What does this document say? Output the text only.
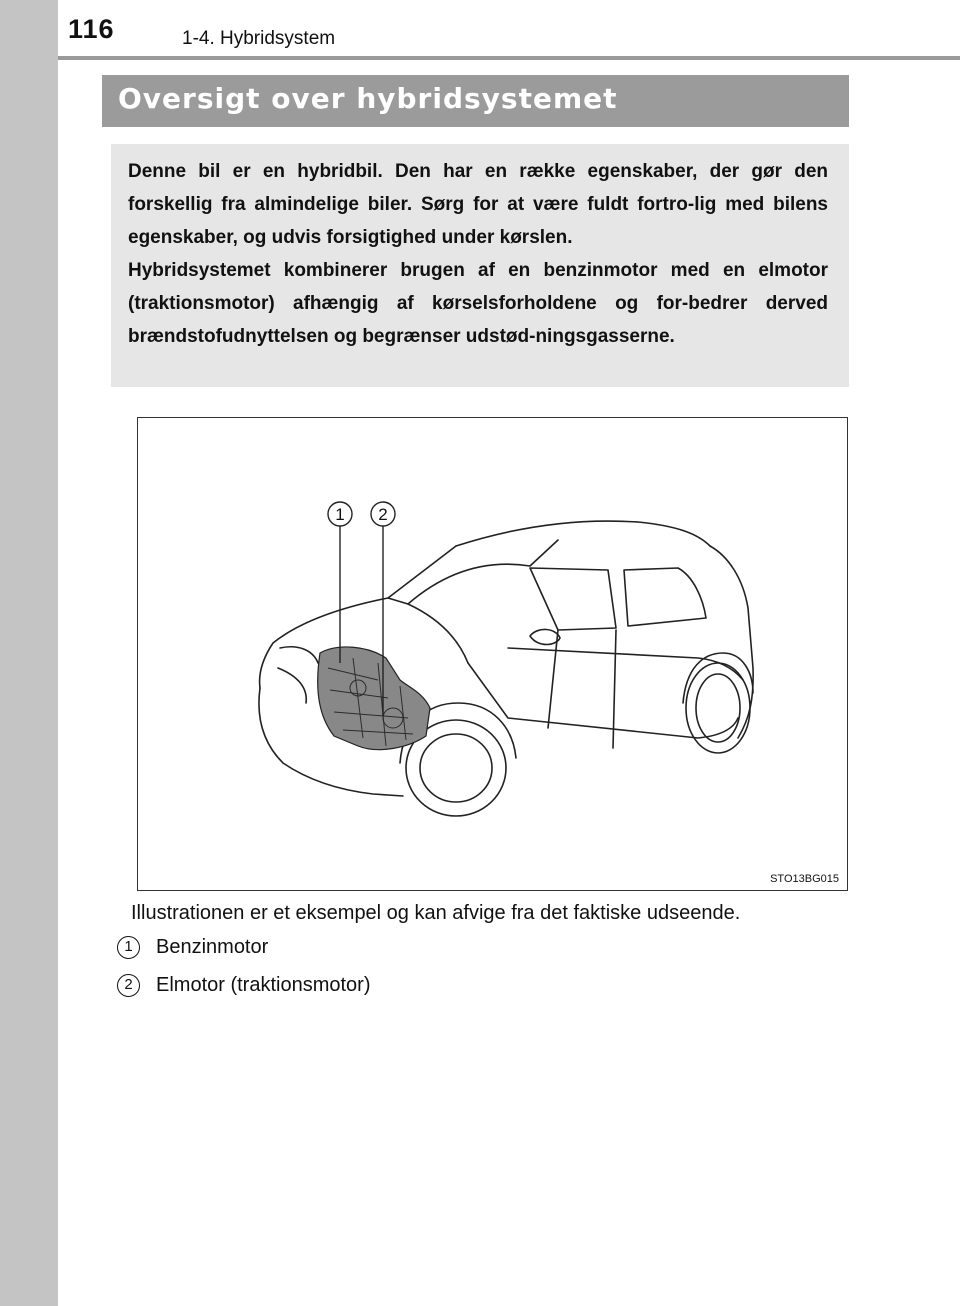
116	1-4. Hybridsystem
Oversigt over hybridsystemet

Denne bil er en hybridbil. Den har en række egenskaber, der gør den forskellig fra almindelige biler. Sørg for at være fuldt fortro-lig med bilens egenskaber, og udvis forsigtighed under kørslen.

Hybridsystemet kombinerer brugen af en benzinmotor med en elmotor (traktionsmotor) afhængig af kørselsforholdene og for-bedrer derved brændstofudnyttelsen og begrænser udstød-ningsgasserne.

1 2
STO13BG015
Illustrationen er et eksempel og kan afvige fra det faktiske udseende.
1	Benzinmotor
2	Elmotor (traktionsmotor)
